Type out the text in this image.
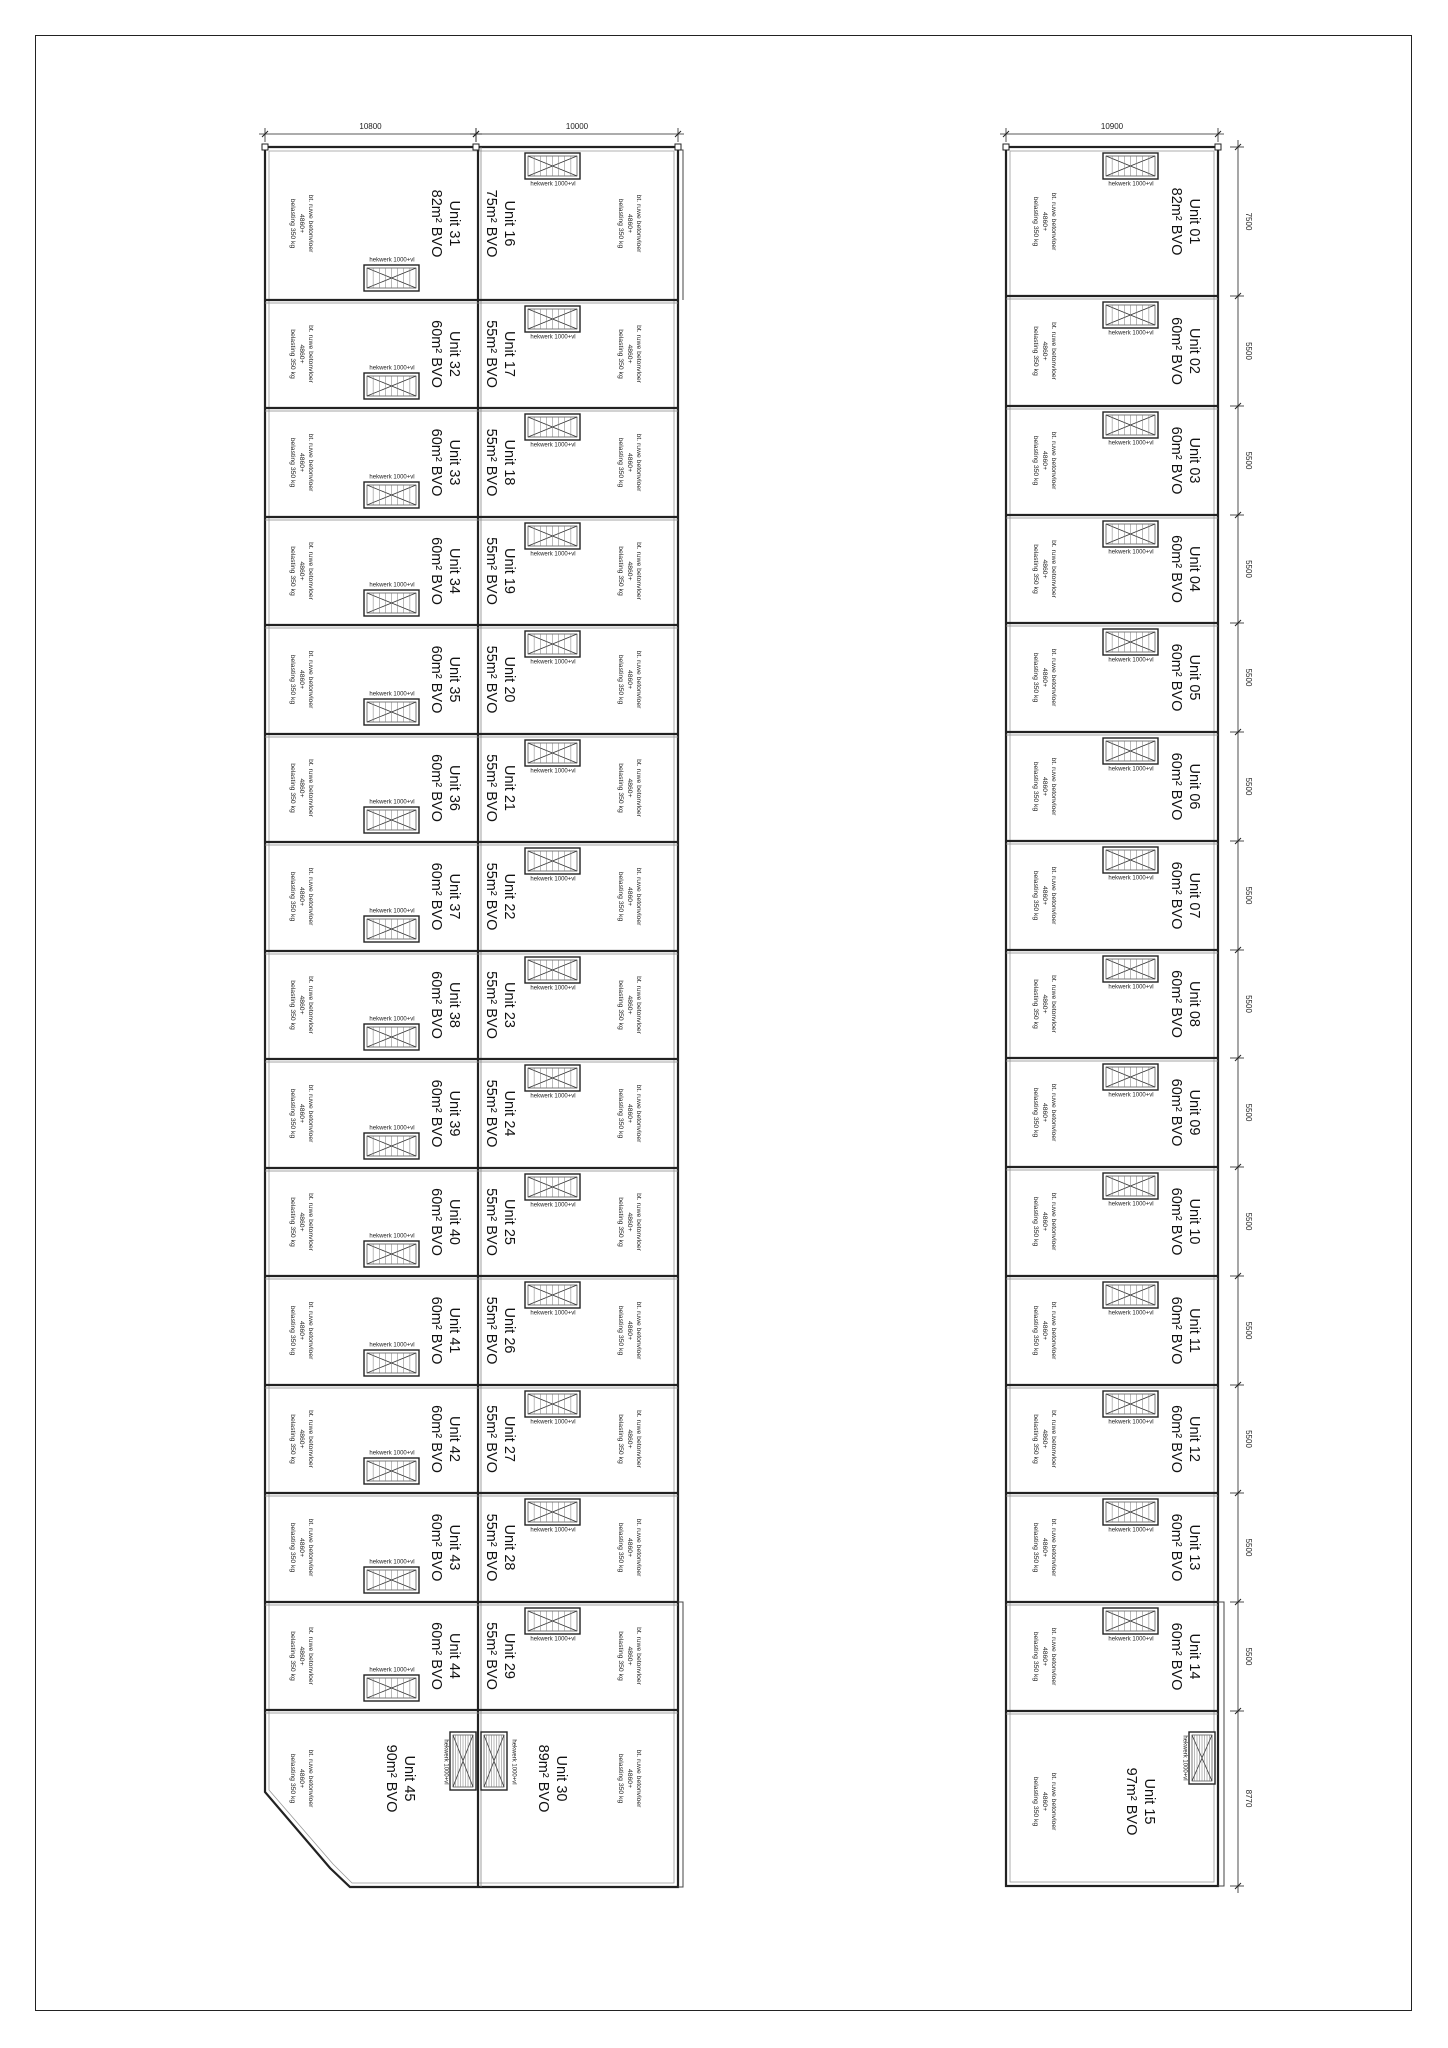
Unit 31
82m² BVO
bt. ruwe betonvloer
4860+
belasting 350 kg
hekwerk 1000+vl
Unit 32
60m² BVO
bt. ruwe betonvloer
4860+
belasting 350 kg	hekwerk 1000+vl
Unit 33
60m² BVO
bt. ruwe betonvloer
4860+
belasting 350 kg	hekwerk 1000+vl
Unit 34
60m² BVO
bt. ruwe betonvloer
4860+
belasting 350 kg	hekwerk 1000+vl
Unit 35
60m² BVO
bt. ruwe betonvloer
4860+
belasting 350 kg	hekwerk 1000+vl
Unit 36
60m² BVO
bt. ruwe betonvloer
4860+
belasting 350 kg	hekwerk 1000+vl
Unit 37
60m² BVO
bt. ruwe betonvloer
4860+
belasting 350 kg	hekwerk 1000+vl
Unit 38
60m² BVO
bt. ruwe betonvloer
4860+
belasting 350 kg	hekwerk 1000+vl
Unit 39
60m² BVO
bt. ruwe betonvloer
4860+
belasting 350 kg	hekwerk 1000+vl
Unit 40
60m² BVO
bt. ruwe betonvloer
4860+
belasting 350 kg	hekwerk 1000+vl
Unit 41
60m² BVO
bt. ruwe betonvloer
4860+
belasting 350 kg	hekwerk 1000+vl
Unit 42
60m² BVO
bt. ruwe betonvloer
4860+
belasting 350 kg	hekwerk 1000+vl
Unit 43
60m² BVO
bt. ruwe betonvloer
4860+
belasting 350 kg	hekwerk 1000+vl
Unit 44
60m² BVO
bt. ruwe betonvloer
4860+
belasting 350 kg	hekwerk 1000+vl
Unit 45
90m² BVO
bt. ruwe betonvloer
4860+
belasting 350 kg
Unit 16
75m² BVO	bt. ruwe betonvloer
4860+
belasting 350 kg
hekwerk 1000+vl
Unit 17
55m² BVO	bt. ruwe betonvloer
4860+
belasting 350 kg
hekwerk 1000+vl
Unit 18
55m² BVO	bt. ruwe betonvloer
4860+
belasting 350 kg
hekwerk 1000+vl
Unit 19
55m² BVO	bt. ruwe betonvloer
4860+
belasting 350 kg
hekwerk 1000+vl
Unit 20
55m² BVO	bt. ruwe betonvloer
4860+
belasting 350 kg
hekwerk 1000+vl
Unit 21
55m² BVO	bt. ruwe betonvloer
4860+
belasting 350 kg
hekwerk 1000+vl
Unit 22
55m² BVO	bt. ruwe betonvloer
4860+
belasting 350 kg
hekwerk 1000+vl
Unit 23
55m² BVO	bt. ruwe betonvloer
4860+
belasting 350 kg
hekwerk 1000+vl
Unit 24
55m² BVO	bt. ruwe betonvloer
4860+
belasting 350 kg
hekwerk 1000+vl
Unit 25
55m² BVO	bt. ruwe betonvloer
4860+
belasting 350 kg
hekwerk 1000+vl
Unit 26
55m² BVO	bt. ruwe betonvloer
4860+
belasting 350 kg
hekwerk 1000+vl
Unit 27
55m² BVO	bt. ruwe betonvloer
4860+
belasting 350 kg
hekwerk 1000+vl
Unit 28
55m² BVO	bt. ruwe betonvloer
4860+
belasting 350 kg
hekwerk 1000+vl
Unit 29
55m² BVO	bt. ruwe betonvloer
4860+
belasting 350 kg
hekwerk 1000+vl
Unit 30
89m² BVO	bt. ruwe betonvloer
4860+
belasting 350 kg
hekwerk 1000+vl	hekwerk 1000+vl
Unit 01
82m² BVO
bt. ruwe betonvloer
4860+
belasting 350 kg
hekwerk 1000+vl
Unit 02
60m² BVO
bt. ruwe betonvloer
4860+
belasting 350 kg	hekwerk 1000+vl
Unit 03
60m² BVO
bt. ruwe betonvloer
4860+
belasting 350 kg	hekwerk 1000+vl
Unit 04
60m² BVO
bt. ruwe betonvloer
4860+
belasting 350 kg	hekwerk 1000+vl
Unit 05
60m² BVO
bt. ruwe betonvloer
4860+
belasting 350 kg	hekwerk 1000+vl
Unit 06
60m² BVO
bt. ruwe betonvloer
4860+
belasting 350 kg	hekwerk 1000+vl
Unit 07
60m² BVO
bt. ruwe betonvloer
4860+
belasting 350 kg	hekwerk 1000+vl
Unit 08
60m² BVO
bt. ruwe betonvloer
4860+
belasting 350 kg	hekwerk 1000+vl
Unit 09
60m² BVO
bt. ruwe betonvloer
4860+
belasting 350 kg	hekwerk 1000+vl
Unit 10
60m² BVO
bt. ruwe betonvloer
4860+
belasting 350 kg	hekwerk 1000+vl
Unit 11
60m² BVO
bt. ruwe betonvloer
4860+
belasting 350 kg	hekwerk 1000+vl
Unit 12
60m² BVO
bt. ruwe betonvloer
4860+
belasting 350 kg	hekwerk 1000+vl
Unit 13
60m² BVO
bt. ruwe betonvloer
4860+
belasting 350 kg	hekwerk 1000+vl
Unit 14
60m² BVO
bt. ruwe betonvloer
4860+
belasting 350 kg	hekwerk 1000+vl
Unit 15
97m² BVO
bt. ruwe betonvloer
4860+
belasting 350 kg
hekwerk 1000+vl
10800	10000	10900
7500
5500
5500
5500
5500
5500
5500
5500
5500
5500
5500
5500
5500
5500
8770
